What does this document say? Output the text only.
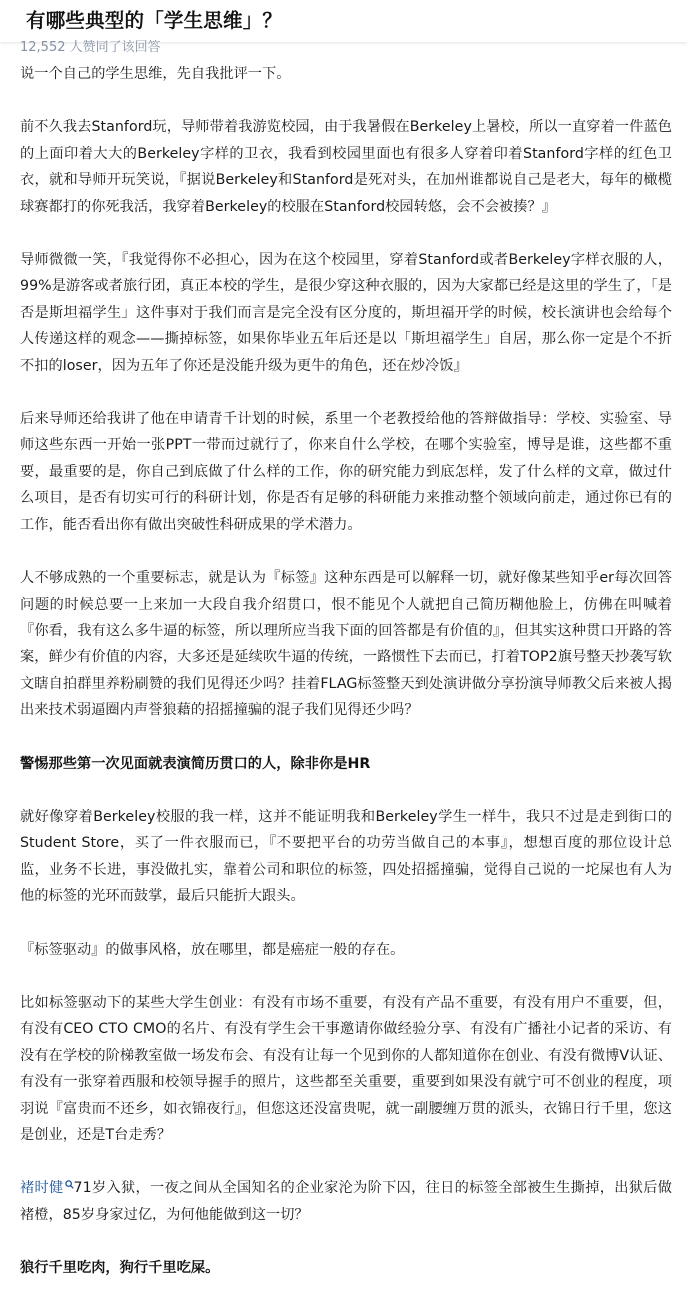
有哪些典型的「学生思维」？
12,552 人赞同了该回答

说一个自己的学生思维，先自我批评一下。

前不久我去Stanford玩，导师带着我游览校园，由于我暑假在Berkeley上暑校，所以一直穿着一件蓝色的上面印着大大的Berkeley字样的卫衣，我看到校园里面也有很多人穿着印着Stanford字样的红色卫衣，就和导师开玩笑说，『据说Berkeley和Stanford是死对头，在加州谁都说自己是老大，每年的橄榄球赛都打的你死我活，我穿着Berkeley的校服在Stanford校园转悠，会不会被揍？』

导师微微一笑，『我觉得你不必担心，因为在这个校园里，穿着Stanford或者Berkeley字样衣服的人，99%是游客或者旅行团，真正本校的学生，是很少穿这种衣服的，因为大家都已经是这里的学生了，「是否是斯坦福学生」这件事对于我们而言是完全没有区分度的，斯坦福开学的时候，校长演讲也会给每个人传递这样的观念——撕掉标签，如果你毕业五年后还是以「斯坦福学生」自居，那么你一定是个不折不扣的loser，因为五年了你还是没能升级为更牛的角色，还在炒冷饭』

后来导师还给我讲了他在申请青千计划的时候，系里一个老教授给他的答辩做指导：学校、实验室、导师这些东西一开始一张PPT一带而过就行了，你来自什么学校，在哪个实验室，博导是谁，这些都不重要，最重要的是，你自己到底做了什么样的工作，你的研究能力到底怎样，发了什么样的文章，做过什么项目，是否有切实可行的科研计划，你是否有足够的科研能力来推动整个领域向前走，通过你已有的工作，能否看出你有做出突破性科研成果的学术潜力。

人不够成熟的一个重要标志，就是认为『标签』这种东西是可以解释一切，就好像某些知乎er每次回答问题的时候总要一上来加一大段自我介绍贯口，恨不能见个人就把自己简历糊他脸上，仿佛在叫喊着『你看，我有这么多牛逼的标签，所以理所应当我下面的回答都是有价值的』，但其实这种贯口开路的答案，鲜少有价值的内容，大多还是延续吹牛逼的传统，一路惯性下去而已，打着TOP2旗号整天抄袭写软文瞎自拍群里养粉刷赞的我们见得还少吗？挂着FLAG标签整天到处演讲做分享扮演导师教父后来被人揭出来技术弱逼圈内声誉狼藉的招摇撞骗的混子我们见得还少吗？

警惕那些第一次见面就表演简历贯口的人，除非你是HR

就好像穿着Berkeley校服的我一样，这并不能证明我和Berkeley学生一样牛，我只不过是走到街口的Student Store，买了一件衣服而已，『不要把平台的功劳当做自己的本事』，想想百度的那位设计总监，业务不长进，事没做扎实，靠着公司和职位的标签，四处招摇撞骗，觉得自己说的一坨屎也有人为他的标签的光环而鼓掌，最后只能折大跟头。

『标签驱动』的做事风格，放在哪里，都是癌症一般的存在。

比如标签驱动下的某些大学生创业：有没有市场不重要，有没有产品不重要，有没有用户不重要，但，有没有CEO CTO CMO的名片、有没有学生会干事邀请你做经验分享、有没有广播社小记者的采访、有没有在学校的阶梯教室做一场发布会、有没有让每一个见到你的人都知道你在创业、有没有微博V认证、有没有一张穿着西服和校领导握手的照片，这些都至关重要，重要到如果没有就宁可不创业的程度，项羽说『富贵而不还乡，如衣锦夜行』，但您这还没富贵呢，就一副腰缠万贯的派头，衣锦日行千里，您这是创业，还是T台走秀？

褚时健 71岁入狱，一夜之间从全国知名的企业家沦为阶下囚，往日的标签全部被生生撕掉，出狱后做褚橙，85岁身家过亿，为何他能做到这一切？

狼行千里吃肉，狗行千里吃屎。
